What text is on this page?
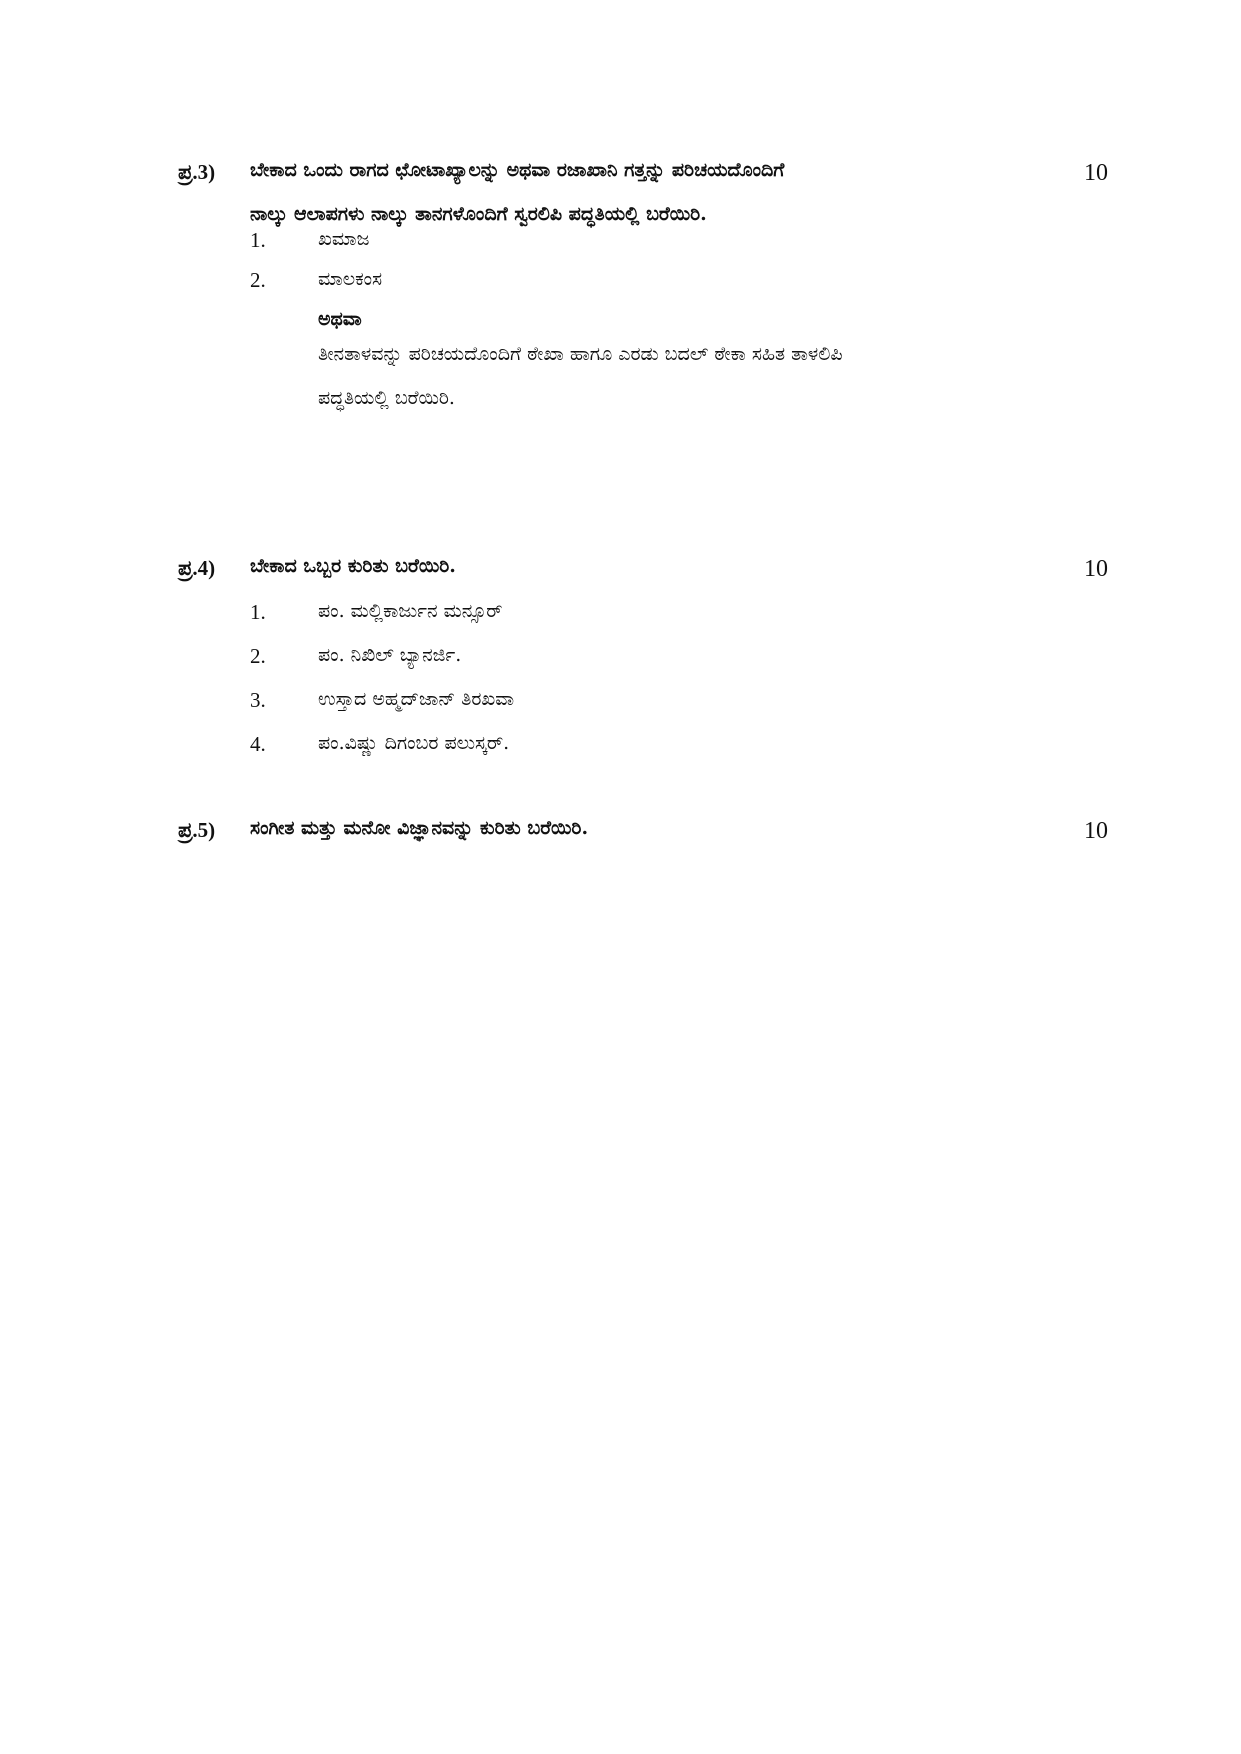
ಪ್ರ.3) ಬೇಕಾದ ಒಂದು ರಾಗದ ಛೋಟಾಖ್ಯಾಲನ್ನು ಅಥವಾ ರಜಾಖಾನಿ ಗತ್ತನ್ನು ಪರಿಚಯದೊಂದಿಗೆ
ನಾಲ್ಕು ಆಲಾಪಗಳು ನಾಲ್ಕು ತಾನಗಳೊಂದಿಗೆ ಸ್ವರಲಿಪಿ ಪದ್ಧತಿಯಲ್ಲಿ ಬರೆಯಿರಿ.
10
1.	ಖಮಾಜ
2.	ಮಾಲಕಂಸ
ಅಥವಾ
ತೀನತಾಳವನ್ನು ಪರಿಚಯದೊಂದಿಗೆ ಠೇಖಾ ಹಾಗೂ ಎರಡು ಬದಲ್ ಠೇಕಾ ಸಹಿತ ತಾಳಲಿಪಿ
ಪದ್ಧತಿಯಲ್ಲಿ ಬರೆಯಿರಿ.
ಪ್ರ.4) ಬೇಕಾದ ಒಬ್ಬರ ಕುರಿತು ಬರೆಯಿರಿ.	10
1.	ಪಂ. ಮಲ್ಲಿಕಾರ್ಜುನ ಮನ್ಸೂರ್
2.	ಪಂ. ನಿಖಿಲ್ ಬ್ಯಾನರ್ಜಿ.
3.	ಉಸ್ತಾದ ಅಹ್ಮದ್‌ಜಾನ್ ತಿರಖವಾ
4.	ಪಂ.ವಿಷ್ಣು ದಿಗಂಬರ ಪಲುಸ್ಕರ್.
ಪ್ರ.5) ಸಂಗೀತ ಮತ್ತು ಮನೋ ವಿಜ್ಞಾನವನ್ನು ಕುರಿತು ಬರೆಯಿರಿ.	10
